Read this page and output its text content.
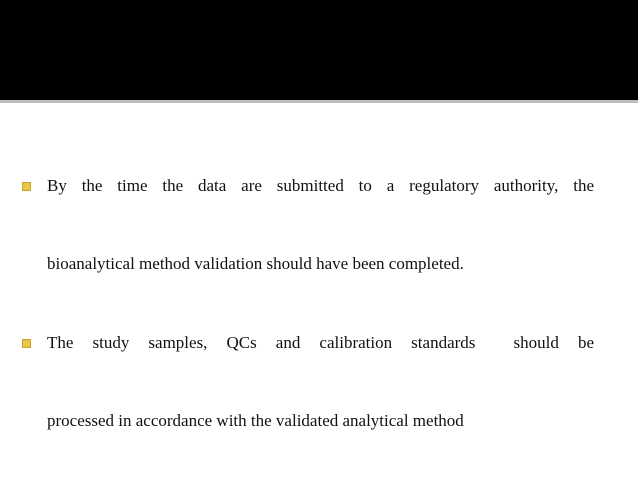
By the time the data are submitted to a regulatory authority, the
bioanalytical method validation should have been completed.
The study samples, QCs and calibration standards  should be
processed in accordance with the validated analytical method
